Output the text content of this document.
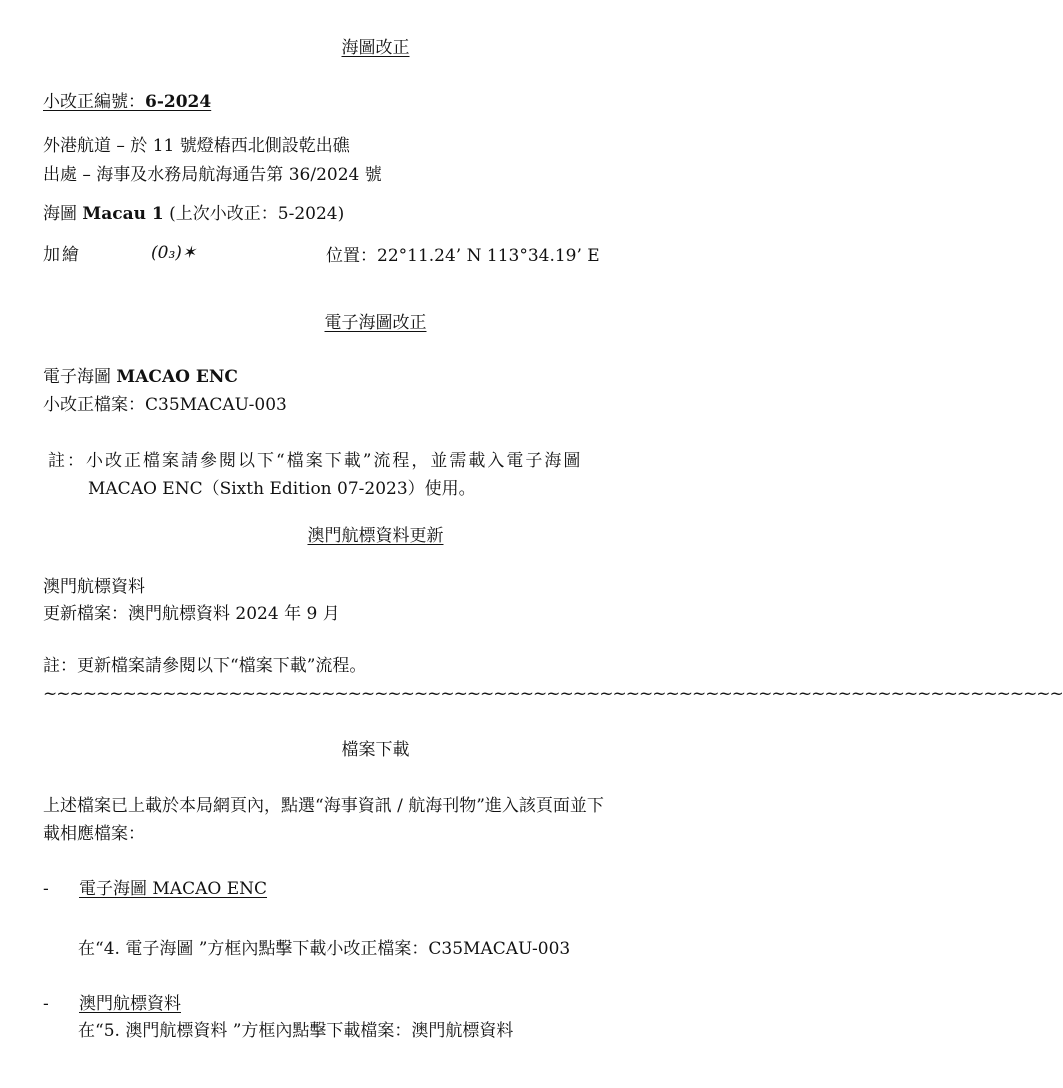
海圖改正
小改正編號：6-2024
外港航道 – 於 11 號燈樁西北側設乾出礁
出處 – 海事及水務局航海通告第 36/2024 號
海圖 Macau 1 (上次小改正：5-2024)
加繪	(0₃)✶	位置：22°11.24’ N 113°34.19’ E
電子海圖改正
電子海圖 MACAO ENC
小改正檔案：C35MACAU-003
註：小改正檔案請參閱以下“檔案下載”流程，並需載入電子海圖
MACAO ENC（Sixth Edition 07-2023）使用。
澳門航標資料更新
澳門航標資料
更新檔案：澳門航標資料 2024 年 9 月
註：更新檔案請參閱以下“檔案下載”流程。
~~~~~~~~~~~~~~~~~~~~~~~~~~~~~~~~~~~~~~~~~~~~~~~~~~~~~~~~~~~~~~~~~~~~~~~~~~~~~
檔案下載
上述檔案已上載於本局網頁內，點選“海事資訊 / 航海刊物”進入該頁面並下
載相應檔案：
- 電子海圖 MACAO ENC
在“4. 電子海圖 ”方框內點擊下載小改正檔案：C35MACAU-003
- 澳門航標資料
在“5. 澳門航標資料 ”方框內點擊下載檔案：澳門航標資料
